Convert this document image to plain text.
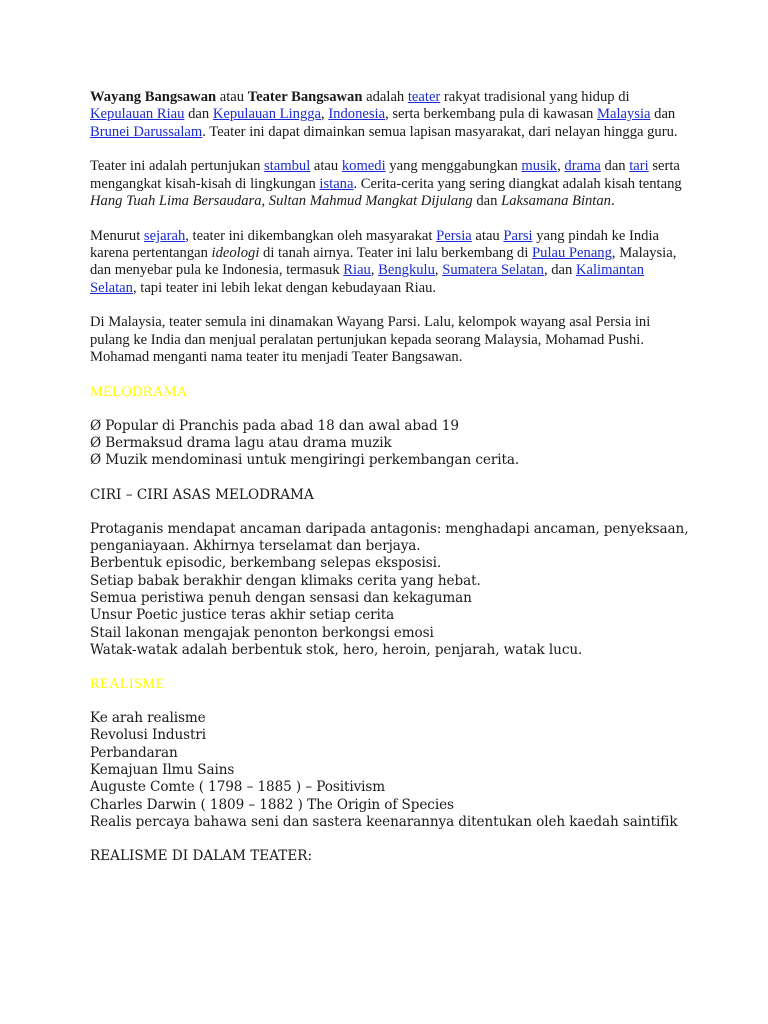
Wayang Bangsawan atau Teater Bangsawan adalah teater rakyat tradisional yang hidup di Kepulauan Riau dan Kepulauan Lingga, Indonesia, serta berkembang pula di kawasan Malaysia dan Brunei Darussalam. Teater ini dapat dimainkan semua lapisan masyarakat, dari nelayan hingga guru.

Teater ini adalah pertunjukan stambul atau komedi yang menggabungkan musik, drama dan tari serta mengangkat kisah-kisah di lingkungan istana. Cerita-cerita yang sering diangkat adalah kisah tentang Hang Tuah Lima Bersaudara, Sultan Mahmud Mangkat Dijulang dan Laksamana Bintan.

Menurut sejarah, teater ini dikembangkan oleh masyarakat Persia atau Parsi yang pindah ke India karena pertentangan ideologi di tanah airnya. Teater ini lalu berkembang di Pulau Penang, Malaysia, dan menyebar pula ke Indonesia, termasuk Riau, Bengkulu, Sumatera Selatan, dan Kalimantan Selatan, tapi teater ini lebih lekat dengan kebudayaan Riau.

Di Malaysia, teater semula ini dinamakan Wayang Parsi. Lalu, kelompok wayang asal Persia ini pulang ke India dan menjual peralatan pertunjukan kepada seorang Malaysia, Mohamad Pushi. Mohamad menganti nama teater itu menjadi Teater Bangsawan.

MELODRAMA
Ø Popular di Pranchis pada abad 18 dan awal abad 19
Ø Bermaksud drama lagu atau drama muzik
Ø Muzik mendominasi untuk mengiringi perkembangan cerita.
CIRI – CIRI ASAS MELODRAMA
Protaganis mendapat ancaman daripada antagonis: menghadapi ancaman, penyeksaan,
penganiayaan. Akhirnya terselamat dan berjaya.
Berbentuk episodic, berkembang selepas eksposisi.
Setiap babak berakhir dengan klimaks cerita yang hebat.
Semua peristiwa penuh dengan sensasi dan kekaguman
Unsur Poetic justice teras akhir setiap cerita
Stail lakonan mengajak penonton berkongsi emosi
Watak-watak adalah berbentuk stok, hero, heroin, penjarah, watak lucu.
REALISME
Ke arah realisme
Revolusi Industri
Perbandaran
Kemajuan Ilmu Sains
Auguste Comte ( 1798 – 1885 ) – Positivism
Charles Darwin ( 1809 – 1882 ) The Origin of Species
Realis percaya bahawa seni dan sastera keenarannya ditentukan oleh kaedah saintifik
REALISME DI DALAM TEATER:
